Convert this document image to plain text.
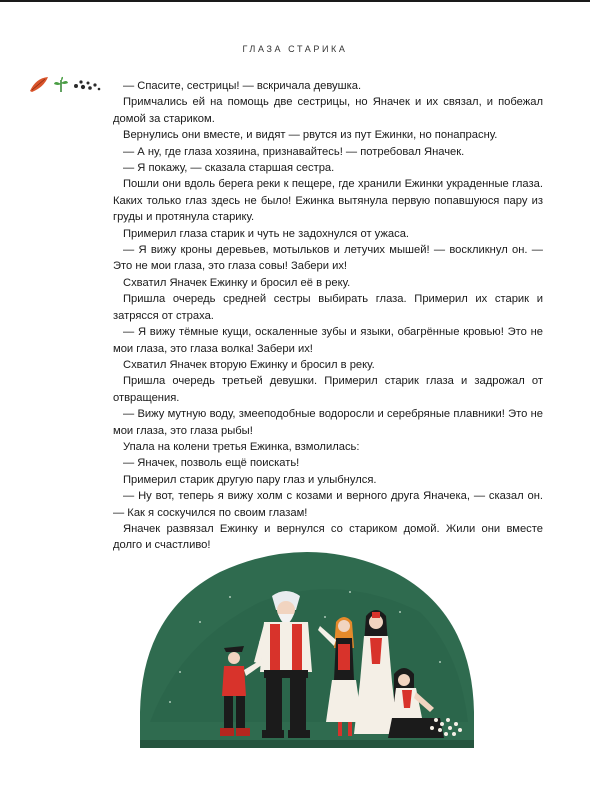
ГЛАЗА СТАРИКА

— Спасите, сестрицы! — вскричала девушка.

Примчались ей на помощь две сестрицы, но Яначек и их связал, и побежал домой за стариком.

Вернулись они вместе, и видят — рвутся из пут Ежинки, но понапрасну.

— А ну, где глаза хозяина, признавайтесь! — потребовал Яначек.

— Я покажу, — сказала старшая сестра.

Пошли они вдоль берега реки к пещере, где хранили Ежинки украденные глаза. Каких только глаз здесь не было! Ежинка вытянула первую попавшуюся пару из груды и протянула старику.

Примерил глаза старик и чуть не задохнулся от ужаса.

— Я вижу кроны деревьев, мотыльков и летучих мышей! — воскликнул он. — Это не мои глаза, это глаза совы! Забери их!

Схватил Яначек Ежинку и бросил её в реку.

Пришла очередь средней сестры выбирать глаза. Примерил их старик и затрясся от страха.

— Я вижу тёмные кущи, оскаленные зубы и языки, обагрённые кровью! Это не мои глаза, это глаза волка! Забери их!

Схватил Яначек вторую Ежинку и бросил в реку.

Пришла очередь третьей девушки. Примерил старик глаза и задрожал от отвращения.

— Вижу мутную воду, змееподобные водоросли и серебряные плавники! Это не мои глаза, это глаза рыбы!

Упала на колени третья Ежинка, взмолилась:

— Яначек, позволь ещё поискать!

Примерил старик другую пару глаз и улыбнулся.

— Ну вот, теперь я вижу холм с козами и верного друга Яначека, — сказал он. — Как я соскучился по своим глазам!

Яначек развязал Ежинку и вернулся со стариком домой. Жили они вместе долго и счастливо!
